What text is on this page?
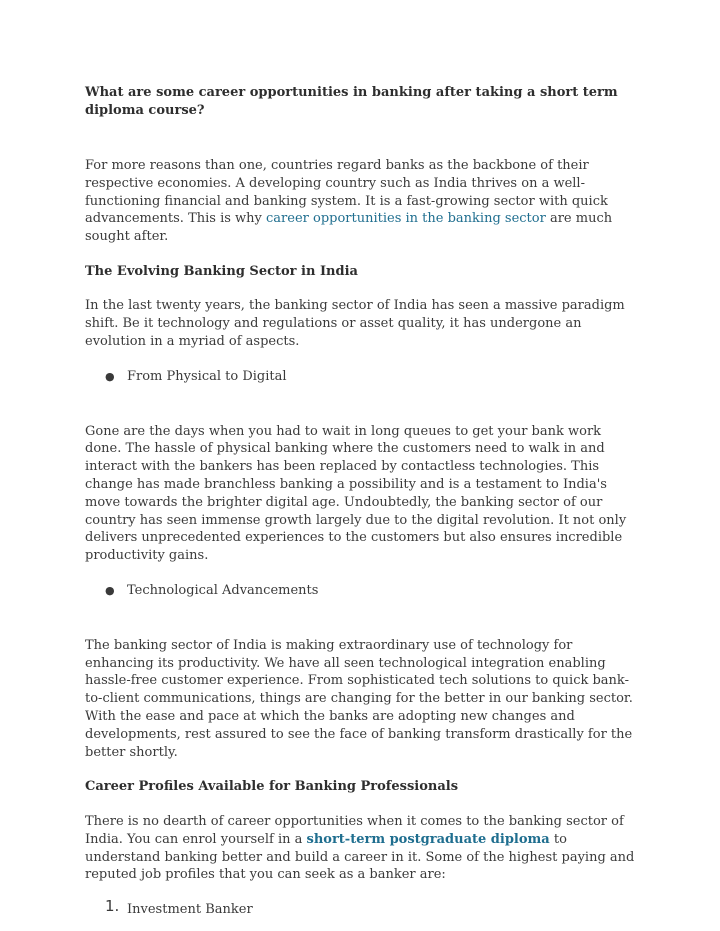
What are some career opportunities in banking after taking a short term diploma course?

For more reasons than one, countries regard banks as the backbone of their respective economies. A developing country such as India thrives on a well-functioning financial and banking system. It is a fast-growing sector with quick advancements. This is why career opportunities in the banking sector are much sought after.

The Evolving Banking Sector in India

In the last twenty years, the banking sector of India has seen a massive paradigm shift. Be it technology and regulations or asset quality, it has undergone an evolution in a myriad of aspects.

● From Physical to Digital

Gone are the days when you had to wait in long queues to get your bank work done. The hassle of physical banking where the customers need to walk in and interact with the bankers has been replaced by contactless technologies. This change has made branchless banking a possibility and is a testament to India's move towards the brighter digital age. Undoubtedly, the banking sector of our country has seen immense growth largely due to the digital revolution. It not only delivers unprecedented experiences to the customers but also ensures incredible productivity gains.

● Technological Advancements

The banking sector of India is making extraordinary use of technology for enhancing its productivity. We have all seen technological integration enabling hassle-free customer experience. From sophisticated tech solutions to quick bank-to-client communications, things are changing for the better in our banking sector. With the ease and pace at which the banks are adopting new changes and developments, rest assured to see the face of banking transform drastically for the better shortly.

Career Profiles Available for Banking Professionals

There is no dearth of career opportunities when it comes to the banking sector of India. You can enrol yourself in a short-term postgraduate diploma to understand banking better and build a career in it. Some of the highest paying and reputed job profiles that you can seek as a banker are:

1. Investment Banker
